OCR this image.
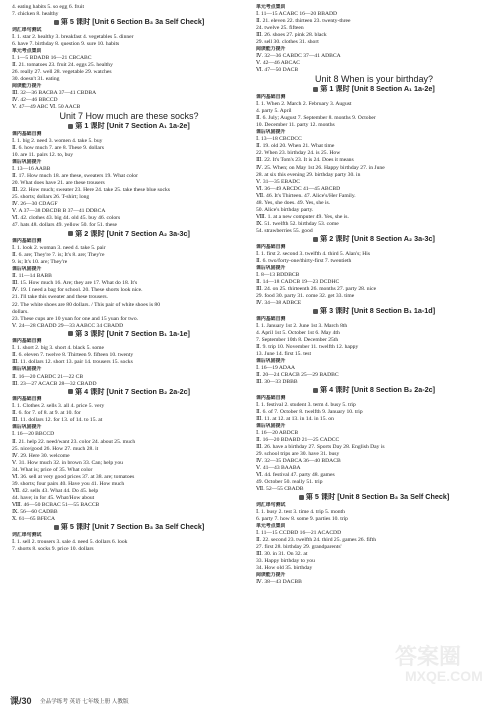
4. eating habits 5. so egg 6. fruit
7. chicken 8. healthy
第 5 课时 [Unit 6 Section B₃ 3a Self Check]
词汇串句测试
Ⅰ. 1. star 2. healthy 3. breakfast 4. vegetables 5. dinner
6. have 7. birthday 8. question 9. sure 10. habits
单元考点集训
Ⅰ. 1—5 BDADB 16—21 CBCABC
Ⅱ. 21. tomatoes 23. fruit 24. eggs 25. healthy
26. really 27. well 28. vegetable 29. watches
30. doesn't 31. eating
阅读能力提升
Ⅲ. 32—36 BACBA 37—41 CBDBA
Ⅳ. 42—46 BBCCD
Ⅴ. 47—49 ABC Ⅵ. 50 AACB
Unit 7 How much are these socks?
第 1 课时 [Unit 7 Section A₁ 1a-2e]
课内基础自测
Ⅰ. 1. big 2. need 3. women 4. take 5. buy
Ⅱ. 6. how much 7. are 8. These 9. dollars
10. are 11. pairs 12. to, buy
课后巩固提升
Ⅰ. 13—16 AABB
Ⅱ. 17. How much 18. are these, sweaters 19. What color
20. What does have 21. are these trousers
Ⅲ. 22. How much; sweater 23. Here 24. take 25. take these blue socks
25. shorts; dollars 26. T-shirt; long
Ⅳ. 26—30 CDAGF
Ⅴ. A 37—38 DBCDB B 37—41 DDBCA
Ⅵ. 42. clothes 43. big 44. old 45. buy 46. colors
47. hats 48. dollars 49. yellow 50. for 51. these
第 2 课时 [Unit 7 Section A₂ 3a-3c]
课内基础自测
Ⅰ. 1. look 2. woman 3. need 4. take 5. pair
Ⅱ. 6. are; They're 7. is; It's 8. are; They're
9. is; It's 10. are; They're
课后巩固提升
Ⅱ. 11—14 BABB
Ⅲ. 15. How much 16. Are; they are 17. What do 18. It's
Ⅳ. 19. I need a bag for school. 20. These shorts look nice.
21. I'll take this sweater and these trousers.
22. The white shoes are 80 dollars. / This pair of white shoes is 80
dollars.
23. These cups are 10 yuan for one and 15 yuan for two.
Ⅴ. 24—28 CBADD 29—33 AABCC 34 CBADD
第 3 课时 [Unit 7 Section B₁ 1a-1e]
课内基础自测
Ⅰ. 1. short 2. big 3. short 4. black 5. some
Ⅱ. 6. eleven 7. twelve 8. Thirteen 9. fifteen 10. twenty
Ⅲ. 11. dollars 12. short 13. pair 14. trousers 15. socks
课后巩固提升
Ⅱ. 16—20 CABDC 21—22 CB
Ⅲ. 23—27 ACACB 28—32 CBADD
第 4 课时 [Unit 7 Section B₂ 2a-2c]
课内基础自测
Ⅰ. 1. Clothes 2. sells 3. all 4. price 5. very
Ⅱ. 6. for 7. of 8. at 9. at 10. for
Ⅲ. 11. dollars 12. for 13. of 14. to 15. at
课后巩固提升
Ⅰ. 16—20 BBCCD
Ⅱ. 21. help 22. need/want 23. color 24. about 25. much
25. nice/good 26. How 27. much 28. it
Ⅳ. 29. Here 30. welcome
Ⅴ. 31. How much 32. in brown 33. Can; help you
34. What is; price of 35. What color
Ⅵ. 36. sell at very good prices 37. at 38. are; tomatoes
39. shorts; four pairs 40. Have you 41. How much
Ⅶ. 42. sells 43. What 44. Do 45. help
44. have; in for 45. What/How about
Ⅷ. 46—50 BCBAC 51—55 BACCB
Ⅸ. 56—60 CADBB
Ⅹ. 61—65 BFECA
第 5 课时 [Unit 7 Section B₃ 3a Self Check]
词汇串句测试
Ⅰ. 1. sell 2. trousers 3. sale 4. need 5. dollars 6. look
7. shorts 8. socks 9. price 10. dollars
单元考点集训
Ⅰ. 11—15 ACABC 16—20 BBADD
Ⅱ. 21. eleven 22. thirteen 23. twenty-three
24. twelve 25. fifteen
Ⅲ. 26. shoes 27. pink 28. black
29. sell 30. clothes 31. short
阅读能力提升
Ⅳ. 32—36 CABDC 37—41 ADBCA
Ⅴ. 42—46 ABCAC
Ⅵ. 47—50 DACB
Unit 8 When is your birthday?
第 1 课时 [Unit 8 Section A₁ 1a-2e]
课内基础自测
Ⅰ. 1. When 2. March 2. February 3. August
4. party 5. April
Ⅱ. 6. July; August 7. September 8. months 9. October
10. December 11. party 12. months
课后巩固提升
Ⅰ. 13—18 CBCDCC
Ⅱ. 19. old 20. When 21. What time
22. When 23. birthday 24. is 25. How
Ⅲ. 22. It's Tom's 23. It is 24. Does it means
Ⅳ. 25. When; on May 1st 26. Happy birthday 27. in June
28. at six this evening 29. birthday party 30. in
Ⅴ. 31—35 EBADC
Ⅵ. 36—49 ABCDC 41—45 ABCBD
Ⅶ. 46. It's Thirteen. 47. Alice's/Her Family.
48. Yes, she does. 49. Yes, she is.
50. Alice's birthday party.
Ⅷ. 1. at a new computer 49. Yes, she is.
Ⅸ. 51. twelfth 52. birthday 53. come
54. strawberries 55. good
第 2 课时 [Unit 8 Section A₂ 3a-3c]
课内基础自测
Ⅰ. 1. first 2. second 3. twelfth 4. third 5. Alan's; His
Ⅱ. 6. two/forty-one/thirty-first 7. twentieth
课后巩固提升
Ⅰ. 8—13 BDDBCB
Ⅱ. 14—18 CADCB 19—23 DCDHC
Ⅲ. 24. on 25. thirteenth 26. months 27. party 28. nice
29. food 30. party 31. come 32. get 33. time
Ⅳ. 34—38 ADBCE
第 3 课时 [Unit 8 Section B₁ 1a-1d]
课内基础自测
Ⅰ. 1. January 1st 2. June 1st 3. March 8th
4. April 1st 5. October 1st 6. May 4th
7. September 10th 8. December 25th
Ⅱ. 9. trip 10. November 11. twelfth 12. happy
13. June 14. first 15. test
课后巩固提升
Ⅰ. 16—19 ADAA
Ⅱ. 20—24 CBACB 25—29 BADBC
Ⅲ. 30—33 DBBB
第 4 课时 [Unit 8 Section B₂ 2a-2c]
课内基础自测
Ⅰ. 1. festival 2. student 3. term 4. busy 5. trip
Ⅱ. 6. of 7. October 8. twelfth 9. January 10. trip
Ⅲ. 11. at 12. at 13. in 14. in 15. on
课后巩固提升
Ⅰ. 16—20 ABDCB
Ⅱ. 16—20 BDABD 21—25 CADCC
Ⅲ. 26. have a birthday 27. Sports Day 28. English Day is
29. school trips are 30. have 31. busy
Ⅳ. 32—35 DABCA 36—40 BDACB
Ⅴ. 41—43 BAABA
Ⅵ. 44. festival 47. party 48. games
49. October 50. really 51. trip
Ⅶ. 52—55 CBADB
第 5 课时 [Unit 8 Section B₃ 3a Self Check]
词汇串句测试
Ⅰ. 1. busy 2. test 3. time 4. trip 5. month
6. party 7. how 8. some 9. parties 10. trip
单元考点集训
Ⅰ. 11—15 CCDBD 16—21 ACACDD
Ⅱ. 22. second 23. twelfth 24. third 25. games 26. fifth
27. first 28. birthday 29. grandparents'
Ⅲ. 30. in 31. On 32. at
33. Happy birthday to you
34. How old 35. birthday
阅读能力提升
Ⅳ. 38—43 DACBB
答案圈
MXQE.COM
课/30 全品学练考 英语 七年级上册 人教版
